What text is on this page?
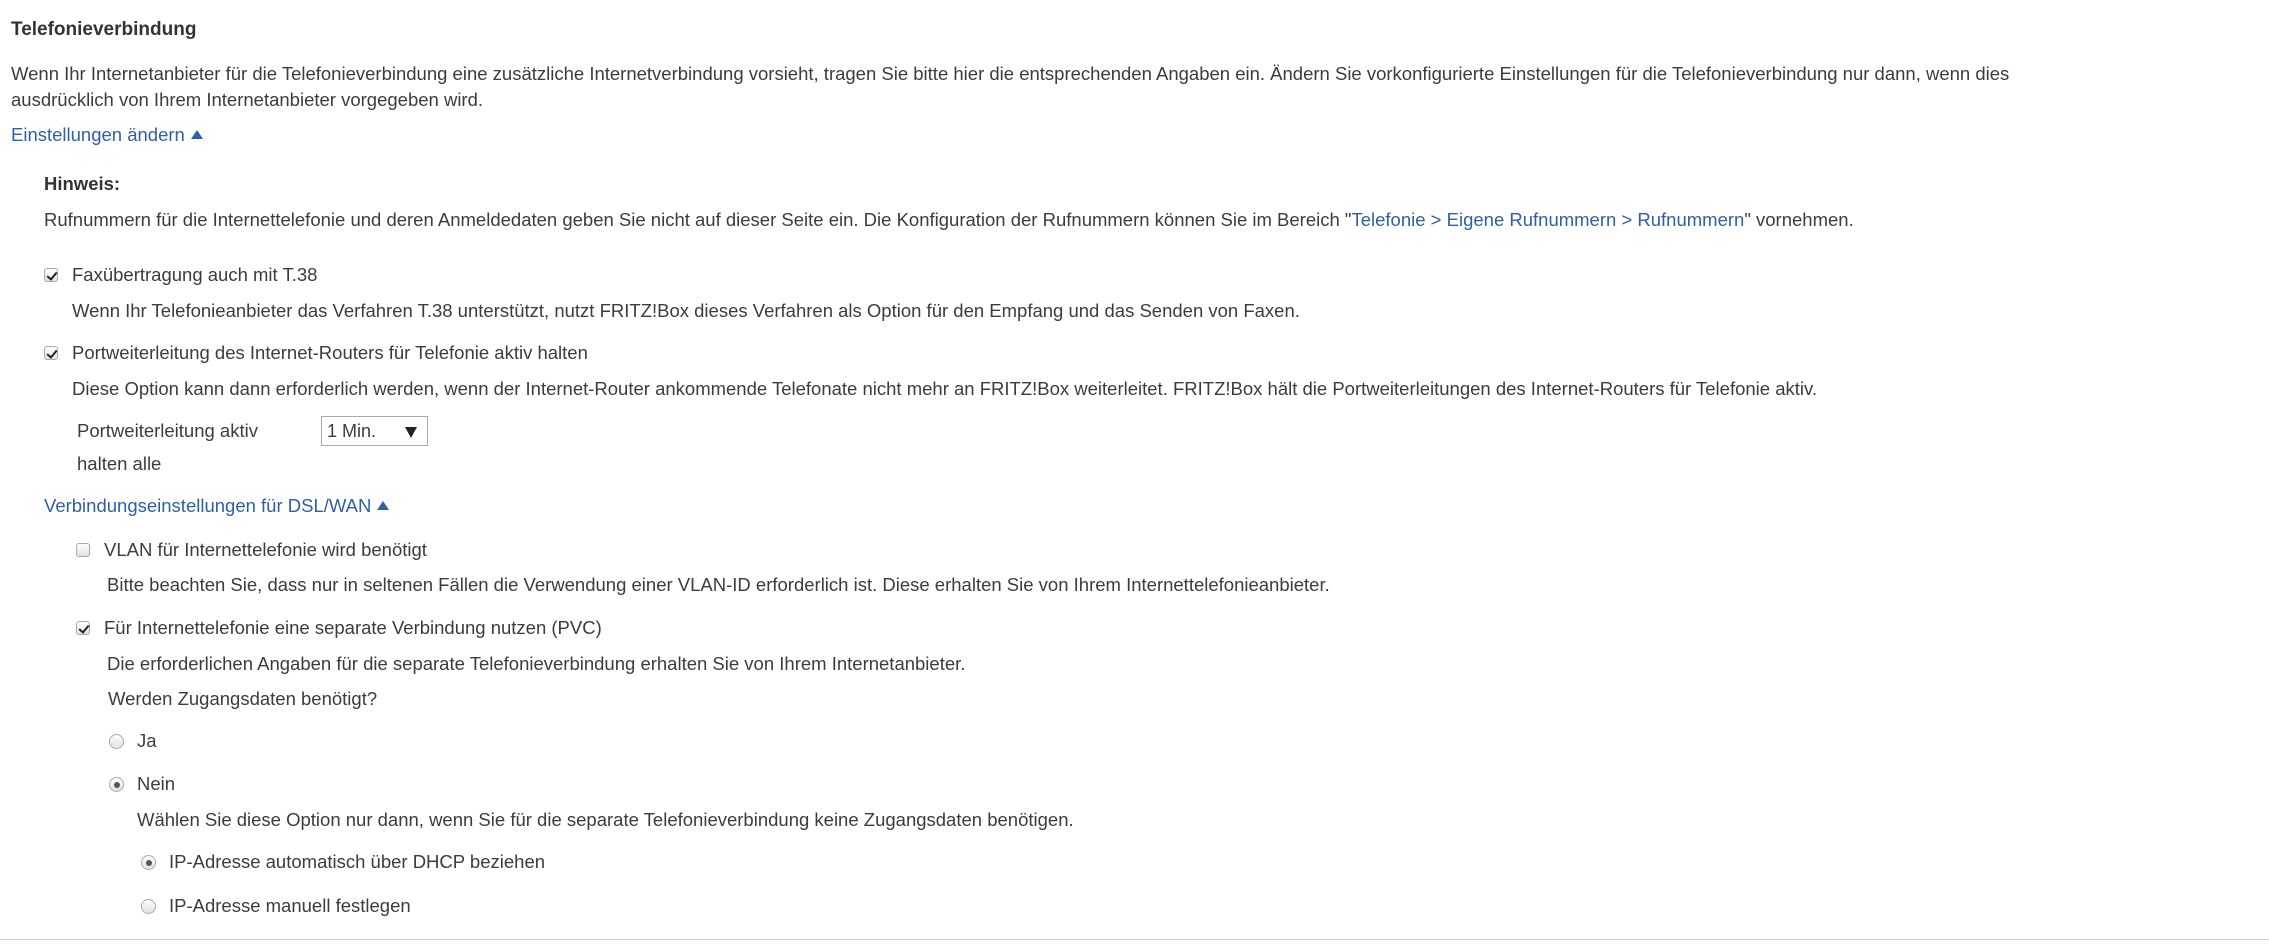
Telefonieverbindung
Wenn Ihr Internetanbieter für die Telefonieverbindung eine zusätzliche Internetverbindung vorsieht, tragen Sie bitte hier die entsprechenden Angaben ein. Ändern Sie vorkonfigurierte Einstellungen für die Telefonieverbindung nur dann, wenn dies
ausdrücklich von Ihrem Internetanbieter vorgegeben wird.
Einstellungen ändern
Hinweis:
Rufnummern für die Internettelefonie und deren Anmeldedaten geben Sie nicht auf dieser Seite ein. Die Konfiguration der Rufnummern können Sie im Bereich "Telefonie > Eigene Rufnummern > Rufnummern" vornehmen.
Faxübertragung auch mit T.38
Wenn Ihr Telefonieanbieter das Verfahren T.38 unterstützt, nutzt FRITZ!Box dieses Verfahren als Option für den Empfang und das Senden von Faxen.
Portweiterleitung des Internet-Routers für Telefonie aktiv halten
Diese Option kann dann erforderlich werden, wenn der Internet-Router ankommende Telefonate nicht mehr an FRITZ!Box weiterleitet. FRITZ!Box hält die Portweiterleitungen des Internet-Routers für Telefonie aktiv.
Portweiterleitung aktiv
halten alle
1 Min.
Verbindungseinstellungen für DSL/WAN
VLAN für Internettelefonie wird benötigt
Bitte beachten Sie, dass nur in seltenen Fällen die Verwendung einer VLAN-ID erforderlich ist. Diese erhalten Sie von Ihrem Internettelefonieanbieter.
Für Internettelefonie eine separate Verbindung nutzen (PVC)
Die erforderlichen Angaben für die separate Telefonieverbindung erhalten Sie von Ihrem Internetanbieter.
Werden Zugangsdaten benötigt?
Ja
Nein
Wählen Sie diese Option nur dann, wenn Sie für die separate Telefonieverbindung keine Zugangsdaten benötigen.
IP-Adresse automatisch über DHCP beziehen
IP-Adresse manuell festlegen
